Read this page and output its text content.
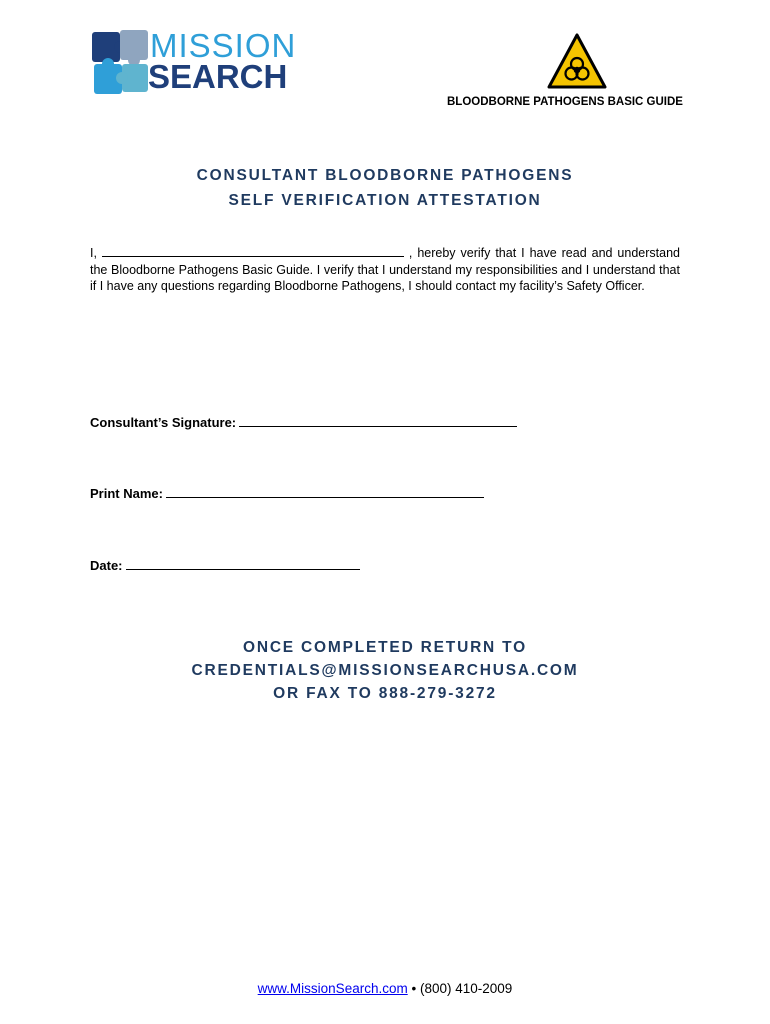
MISSION
SEARCH
BLOODBORNE PATHOGENS BASIC GUIDE
CONSULTANT BLOODBORNE PATHOGENS
SELF VERIFICATION ATTESTATION
I,	, hereby verify that I have read and understand the Bloodborne Pathogens Basic Guide. I verify that I understand my responsibilities and I understand that if I have any questions regarding Bloodborne Pathogens, I should contact my facility’s Safety Officer.
Consultant’s Signature:
Print Name:
Date:
ONCE COMPLETED RETURN TO
CREDENTIALS@MISSIONSEARCHUSA.COM
OR FAX TO 888-279-3272
www.MissionSearch.com • (800) 410-2009
